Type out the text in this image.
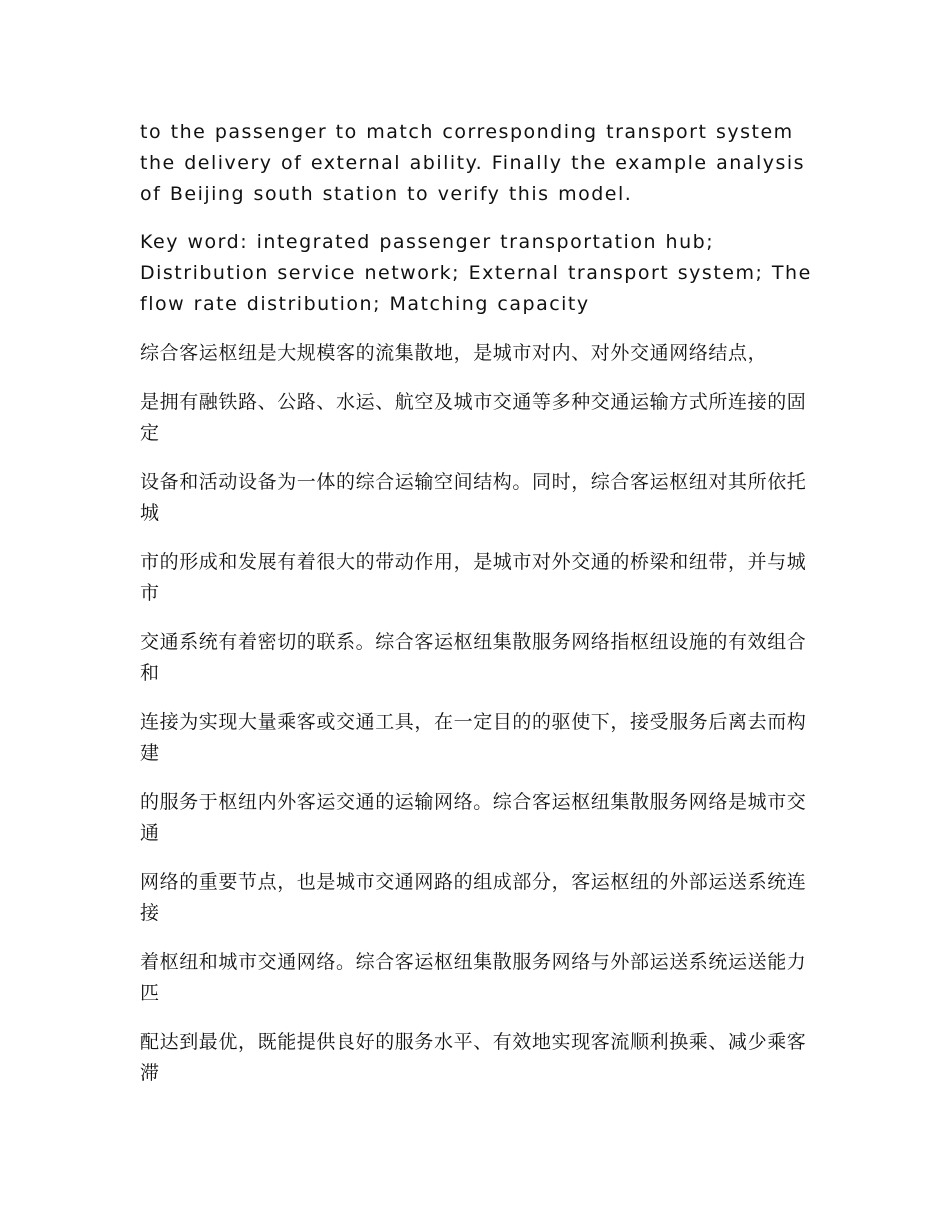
to the passenger to match corresponding transport system the delivery of external ability. Finally the example analysis of Beijing south station to verify this model.

Key word: integrated passenger transportation hub; Distribution service network; External transport system; The flow rate distribution; Matching capacity

综合客运枢纽是大规模客的流集散地，是城市对内、对外交通网络结点，

是拥有融铁路、公路、水运、航空及城市交通等多种交通运输方式所连接的固定

设备和活动设备为一体的综合运输空间结构。同时，综合客运枢纽对其所依托城

市的形成和发展有着很大的带动作用，是城市对外交通的桥梁和纽带，并与城市

交通系统有着密切的联系。综合客运枢纽集散服务网络指枢纽设施的有效组合和

连接为实现大量乘客或交通工具，在一定目的的驱使下，接受服务后离去而构建

的服务于枢纽内外客运交通的运输网络。综合客运枢纽集散服务网络是城市交通

网络的重要节点，也是城市交通网路的组成部分，客运枢纽的外部运送系统连接

着枢纽和城市交通网络。综合客运枢纽集散服务网络与外部运送系统运送能力匹

配达到最优，既能提供良好的服务水平、有效地实现客流顺利换乘、减少乘客滞
